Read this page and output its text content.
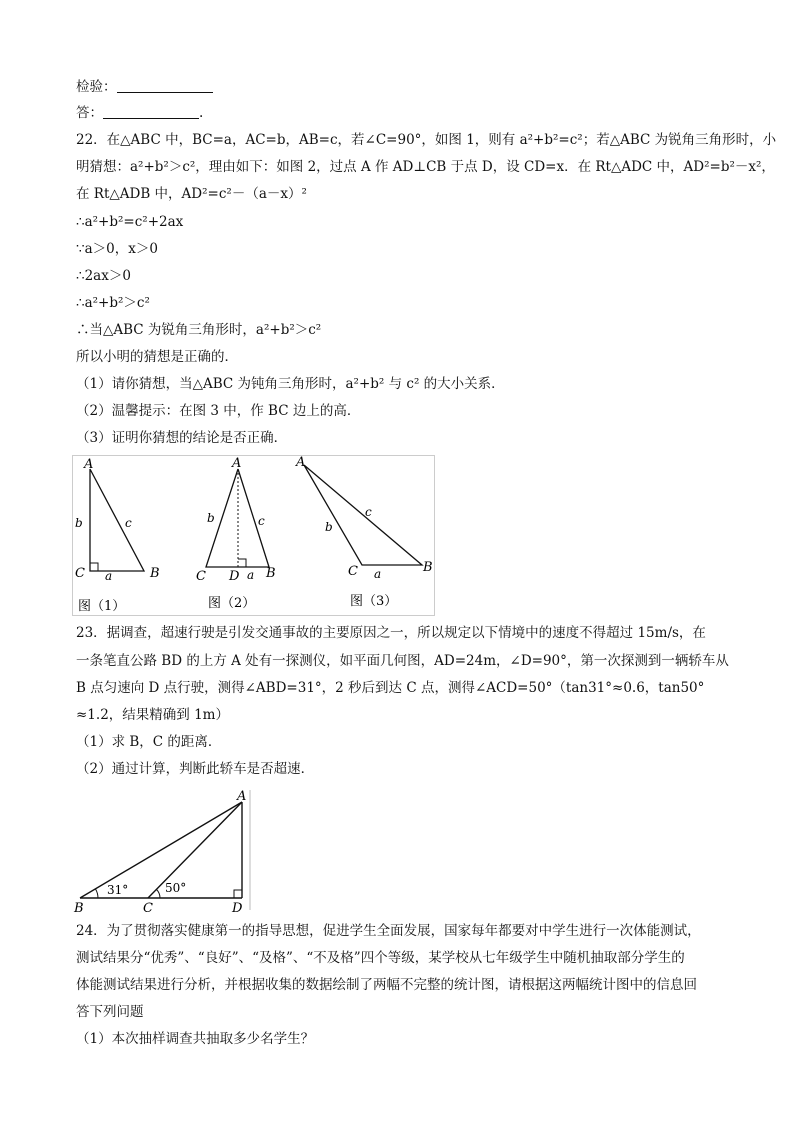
检验：
答：	.
22．在△ABC 中，BC=a，AC=b，AB=c，若∠C=90°，如图 1，则有 a²+b²=c²；若△ABC 为锐角三角形时，小
明猜想：a²+b²＞c²，理由如下：如图 2，过点 A 作 AD⊥CB 于点 D，设 CD=x．在 Rt△ADC 中，AD²=b²－x²，
在 Rt△ADB 中，AD²=c²－（a－x）²
∴a²+b²=c²+2ax
∵a＞0，x＞0
∴2ax＞0
∴a²+b²＞c²
∴当△ABC 为锐角三角形时，a²+b²＞c²
所以小明的猜想是正确的．
（1）请你猜想，当△ABC 为钝角三角形时，a²+b² 与 c² 的大小关系．
（2）温馨提示：在图 3 中，作 BC 边上的高．
（3）证明你猜想的结论是否正确．
A
b	c
C a	B
图（1）
A
b	c
C D a B
图（2）
A
b
c
C a	B
图（3）
23．据调查，超速行驶是引发交通事故的主要原因之一，所以规定以下情境中的速度不得超过 15m/s，在
一条笔直公路 BD 的上方 A 处有一探测仪，如平面几何图，AD=24m，∠D=90°，第一次探测到一辆轿车从
B 点匀速向 D 点行驶，测得∠ABD=31°，2 秒后到达 C 点，测得∠ACD=50°（tan31°≈0.6，tan50°
≈1.2，结果精确到 1m）
（1）求 B，C 的距离．
（2）通过计算，判断此轿车是否超速．
31°	50°
A
B	C	D
24．为了贯彻落实健康第一的指导思想，促进学生全面发展，国家每年都要对中学生进行一次体能测试，
测试结果分“优秀”、“良好”、“及格”、“不及格”四个等级，某学校从七年级学生中随机抽取部分学生的
体能测试结果进行分析，并根据收集的数据绘制了两幅不完整的统计图，请根据这两幅统计图中的信息回
答下列问题
（1）本次抽样调查共抽取多少名学生？
